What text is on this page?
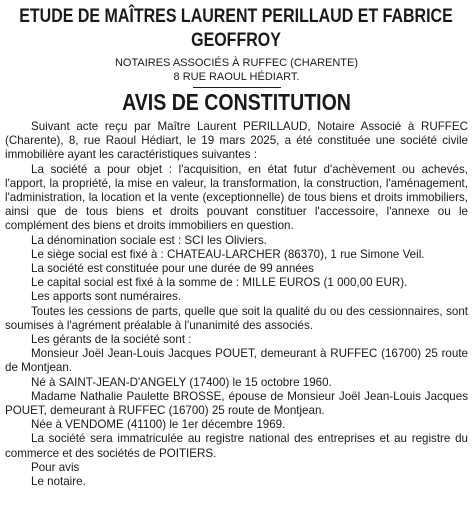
ETUDE DE MAÎTRES LAURENT PERILLAUD ET FABRICE GEOFFROY
NOTAIRES ASSOCIÉS À RUFFEC (CHARENTE)
8 RUE RAOUL HÉDIART.
AVIS DE CONSTITUTION

Suivant acte reçu par Maître Laurent PERILLAUD, Notaire Associé à RUFFEC (Charente), 8, rue Raoul Hédiart, le 19 mars 2025, a été constituée une société civile immobilière ayant les caractéristiques suivantes :

La société a pour objet : l'acquisition, en état futur d'achèvement ou achevés, l'apport, la propriété, la mise en valeur, la transformation, la construction, l'aménagement, l'administration, la location et la vente (exceptionnelle) de tous biens et droits immobiliers, ainsi que de tous biens et droits pouvant constituer l'accessoire, l'annexe ou le complément des biens et droits immobiliers en question.

La dénomination sociale est : SCI les Oliviers.

Le siège social est fixé à : CHATEAU-LARCHER (86370), 1 rue Simone Veil.

La société est constituée pour une durée de 99 années

Le capital social est fixé à la somme de : MILLE EUROS (1 000,00 EUR).

Les apports sont numéraires.

Toutes les cessions de parts, quelle que soit la qualité du ou des cessionnaires, sont soumises à l'agrément préalable à l'unanimité des associés.

Les gérants de la société sont :

Monsieur Joël Jean-Louis Jacques POUET, demeurant à RUFFEC (16700) 25 route de Montjean.

Né à SAINT-JEAN-D'ANGELY (17400) le 15 octobre 1960.

Madame Nathalie Paulette BROSSE, épouse de Monsieur Joël Jean-Louis Jacques POUET, demeurant à RUFFEC (16700) 25 route de Montjean.

Née à VENDOME (41100) le 1er décembre 1969.

La société sera immatriculée au registre national des entreprises et au registre du commerce et des sociétés de POITIERS.

Pour avis

Le notaire.
